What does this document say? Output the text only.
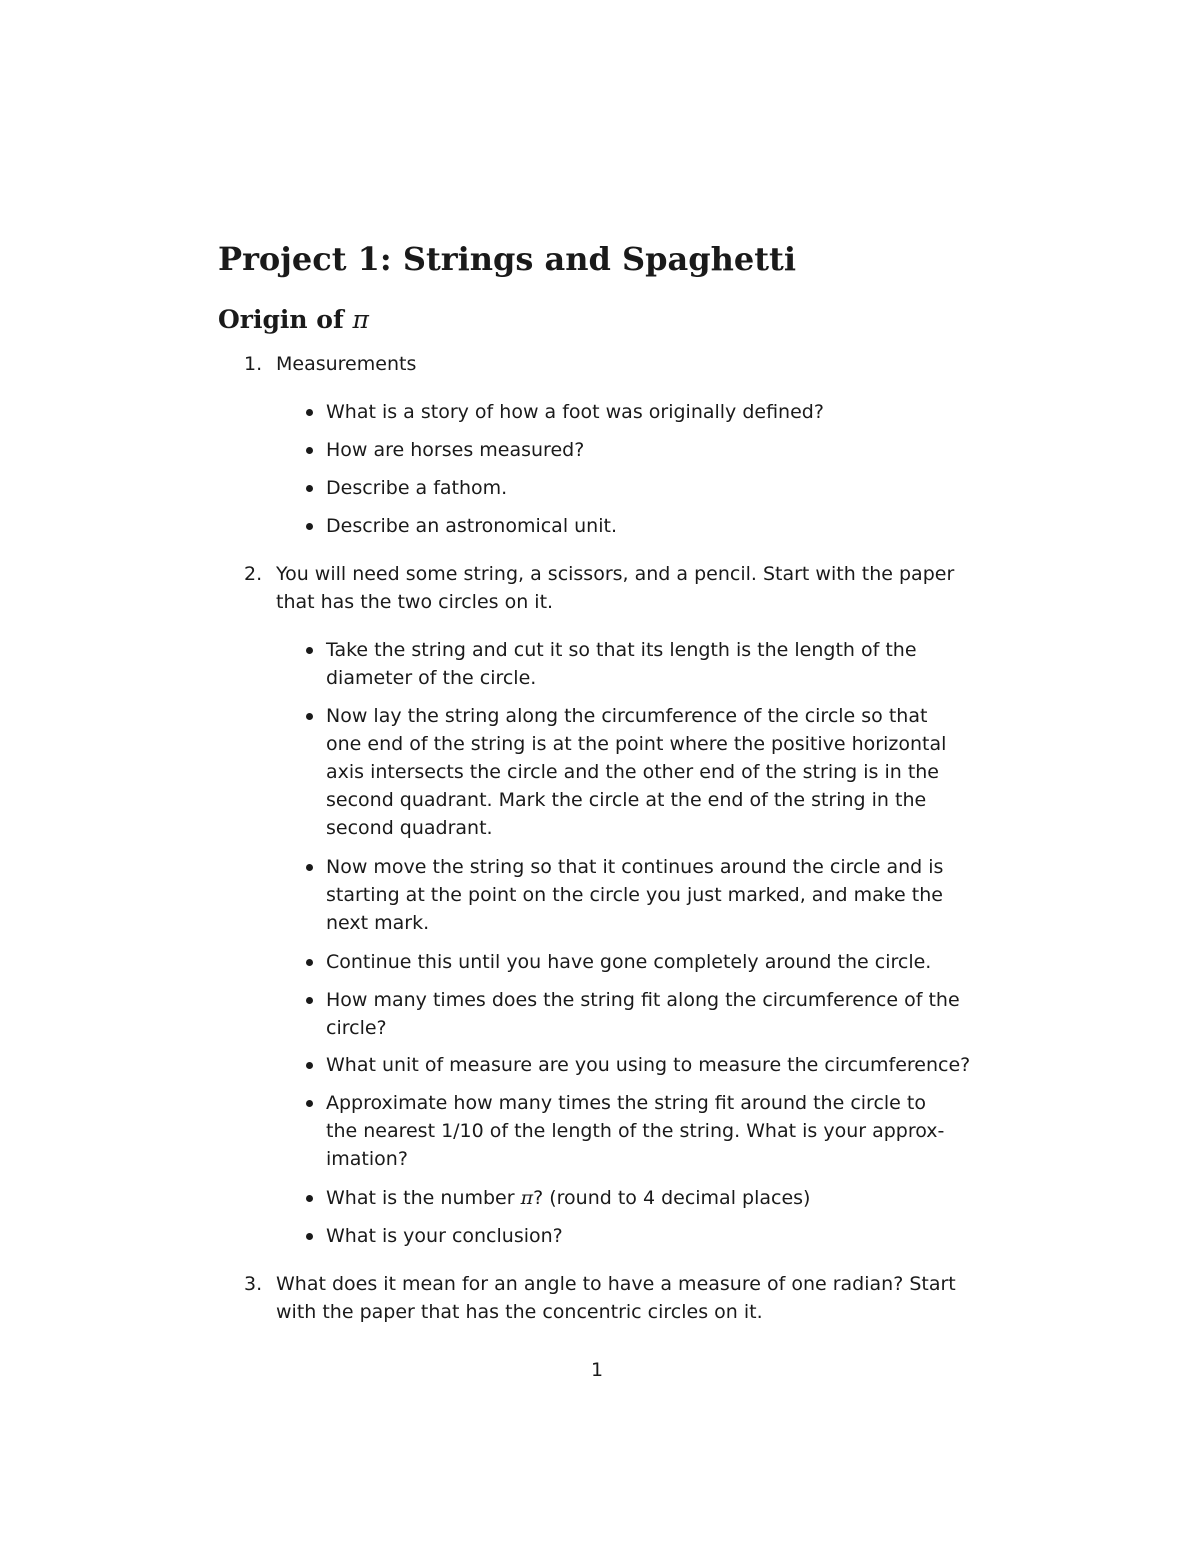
Project 1: Strings and Spaghetti
Origin of π
1. Measurements
What is a story of how a foot was originally defined?
How are horses measured?
Describe a fathom.
Describe an astronomical unit.
2. You will need some string, a scissors, and a pencil. Start with the paper
that has the two circles on it.
Take the string and cut it so that its length is the length of the
diameter of the circle.
Now lay the string along the circumference of the circle so that
one end of the string is at the point where the positive horizontal
axis intersects the circle and the other end of the string is in the
second quadrant. Mark the circle at the end of the string in the
second quadrant.
Now move the string so that it continues around the circle and is
starting at the point on the circle you just marked, and make the
next mark.
Continue this until you have gone completely around the circle.
How many times does the string fit along the circumference of the
circle?
What unit of measure are you using to measure the circumference?
Approximate how many times the string fit around the circle to
the nearest 1/10 of the length of the string. What is your approx-
imation?
What is the number π? (round to 4 decimal places)
What is your conclusion?
3. What does it mean for an angle to have a measure of one radian? Start
with the paper that has the concentric circles on it.
1
